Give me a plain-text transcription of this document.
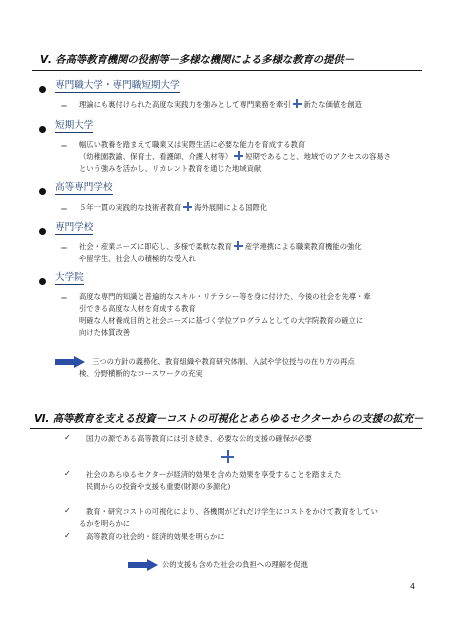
Ⅴ. 各高等教育機関の役割等－多様な機関による多様な教育の提供－
専門職大学・専門職短期大学
＝ 理論にも裏付けられた高度な実践力を強みとして専門業務を牽引 新たな価値を創造
短期大学
＝ 幅広い教養を踏まえて職業又は実際生活に必要な能力を育成する教育
（幼稚園教諭、保育士、看護師、介護人材等） 短期であること、地域でのアクセスの容易さ
という強みを活かし、リカレント教育を通じた地域貢献
高等専門学校
＝ ５年一貫の実践的な技術者教育 海外展開による国際化
専門学校
＝ 社会・産業ニーズに即応し、多様で柔軟な教育 産学連携による職業教育機能の強化
や留学生、社会人の積極的な受入れ
大学院
＝ 高度な専門的知識と普遍的なスキル・リテラシー等を身に付けた、今後の社会を先導・牽
引できる高度な人材を育成する教育
明確な人材養成目的と社会ニーズに基づく学位プログラムとしての大学院教育の確立に
向けた体質改善
三つの方針の義務化、教育組織や教育研究体制、入試や学位授与の在り方の再点
検、分野横断的なコースワークの充実
Ⅵ. 高等教育を支える投資－コストの可視化とあらゆるセクターからの支援の拡充－
✓ 国力の源である高等教育には引き続き、必要な公的支援の確保が必要
✓ 社会のあらゆるセクターが経済的効果を含めた効果を享受することを踏まえた
民間からの投資や支援も重要(財源の多源化)
✓ 教育・研究コストの可視化により、各機関がどれだけ学生にコストをかけて教育をしてい
るかを明らかに
✓ 高等教育の社会的・経済的効果を明らかに
公的支援も含めた社会の負担への理解を促進
4
